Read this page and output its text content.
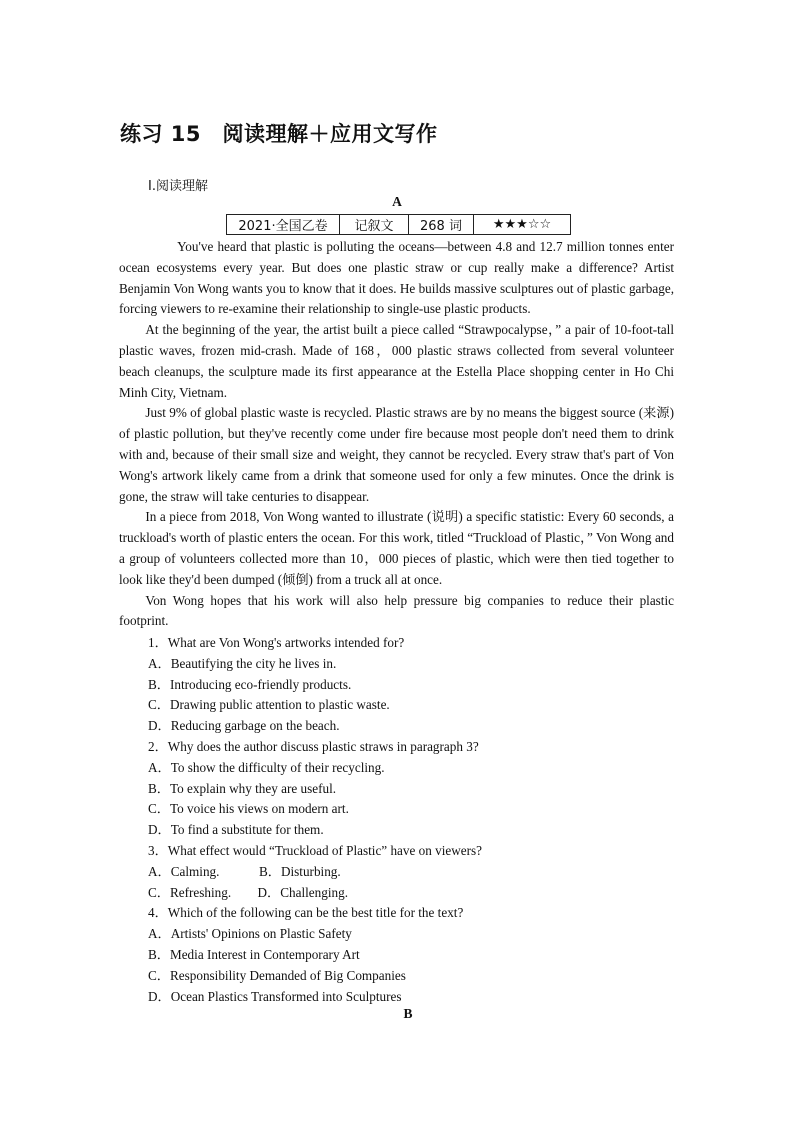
练习 15　阅读理解＋应用文写作
Ⅰ.阅读理解
A
2021·全国乙卷	记叙文	268 词	★★★☆☆

You've heard that plastic is polluting the oceans—between 4.8 and 12.7 million tonnes enter ocean ecosystems every year. But does one plastic straw or cup really make a difference? Artist Benjamin Von Wong wants you to know that it does. He builds massive sculptures out of plastic garbage, forcing viewers to re-examine their relationship to single-use plastic products.

At the beginning of the year, the artist built a piece called “Strawpocalypse，” a pair of 10-foot-tall plastic waves, frozen mid-crash. Made of 168，000 plastic straws collected from several volunteer beach cleanups, the sculpture made its first appearance at the Estella Place shopping center in Ho Chi Minh City, Vietnam.

Just 9% of global plastic waste is recycled. Plastic straws are by no means the biggest source (来源) of plastic pollution, but they've recently come under fire because most people don't need them to drink with and, because of their small size and weight, they cannot be recycled. Every straw that's part of Von Wong's artwork likely came from a drink that someone used for only a few minutes. Once the drink is gone, the straw will take centuries to disappear.

In a piece from 2018, Von Wong wanted to illustrate (说明) a specific statistic: Every 60 seconds, a truckload's worth of plastic enters the ocean. For this work, titled “Truckload of Plastic，” Von Wong and a group of volunteers collected more than 10，000 pieces of plastic, which were then tied together to look like they'd been dumped (倾倒) from a truck all at once.

Von Wong hopes that his work will also help pressure big companies to reduce their plastic footprint.

1．What are Von Wong's artworks intended for?
A．Beautifying the city he lives in.
B．Introducing eco-friendly products.
C．Drawing public attention to plastic waste.
D．Reducing garbage on the beach.
2．Why does the author discuss plastic straws in paragraph 3?
A．To show the difficulty of their recycling.
B．To explain why they are useful.
C．To voice his views on modern art.
D．To find a substitute for them.
3．What effect would “Truckload of Plastic” have on viewers?
A．Calming.            B．Disturbing.
C．Refreshing.        D．Challenging.
4．Which of the following can be the best title for the text?
A．Artists' Opinions on Plastic Safety
B．Media Interest in Contemporary Art
C．Responsibility Demanded of Big Companies
D．Ocean Plastics Transformed into Sculptures
B
